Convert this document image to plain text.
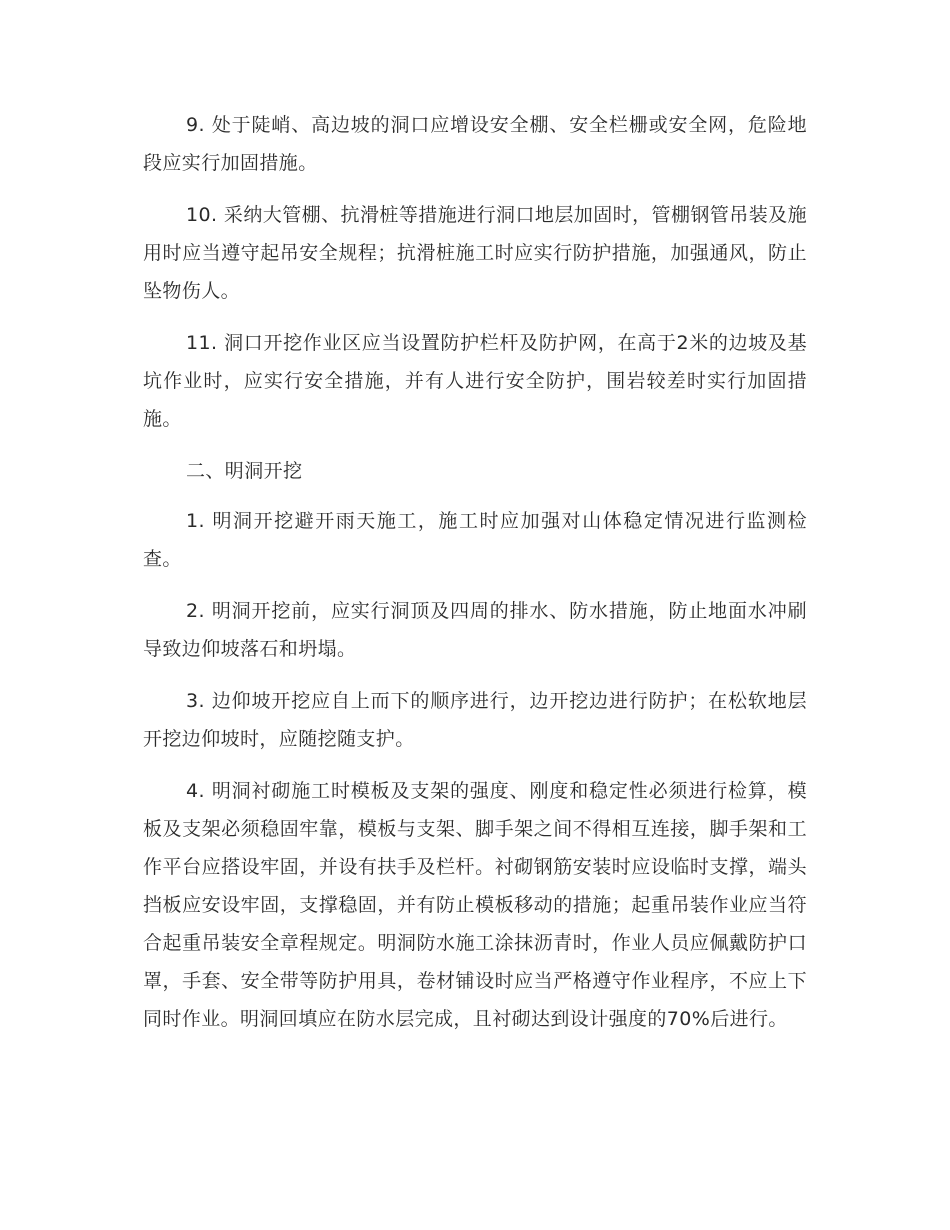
9. 处于陡峭、高边坡的洞口应增设安全棚、安全栏栅或安全网，危险地段应实行加固措施。

10. 采纳大管棚、抗滑桩等措施进行洞口地层加固时，管棚钢管吊装及施用时应当遵守起吊安全规程；抗滑桩施工时应实行防护措施，加强通风，防止坠物伤人。

11. 洞口开挖作业区应当设置防护栏杆及防护网，在高于2米的边坡及基坑作业时，应实行安全措施，并有人进行安全防护，围岩较差时实行加固措施。

二、明洞开挖

1. 明洞开挖避开雨天施工，施工时应加强对山体稳定情况进行监测检查。

2. 明洞开挖前，应实行洞顶及四周的排水、防水措施，防止地面水冲刷导致边仰坡落石和坍塌。

3. 边仰坡开挖应自上而下的顺序进行，边开挖边进行防护；在松软地层开挖边仰坡时，应随挖随支护。

4. 明洞衬砌施工时模板及支架的强度、刚度和稳定性必须进行检算，模板及支架必须稳固牢靠，模板与支架、脚手架之间不得相互连接，脚手架和工作平台应搭设牢固，并设有扶手及栏杆。衬砌钢筋安装时应设临时支撑，端头挡板应安设牢固，支撑稳固，并有防止模板移动的措施；起重吊装作业应当符合起重吊装安全章程规定。明洞防水施工涂抹沥青时，作业人员应佩戴防护口罩，手套、安全带等防护用具，卷材铺设时应当严格遵守作业程序，不应上下同时作业。明洞回填应在防水层完成，且衬砌达到设计强度的70%后进行。
